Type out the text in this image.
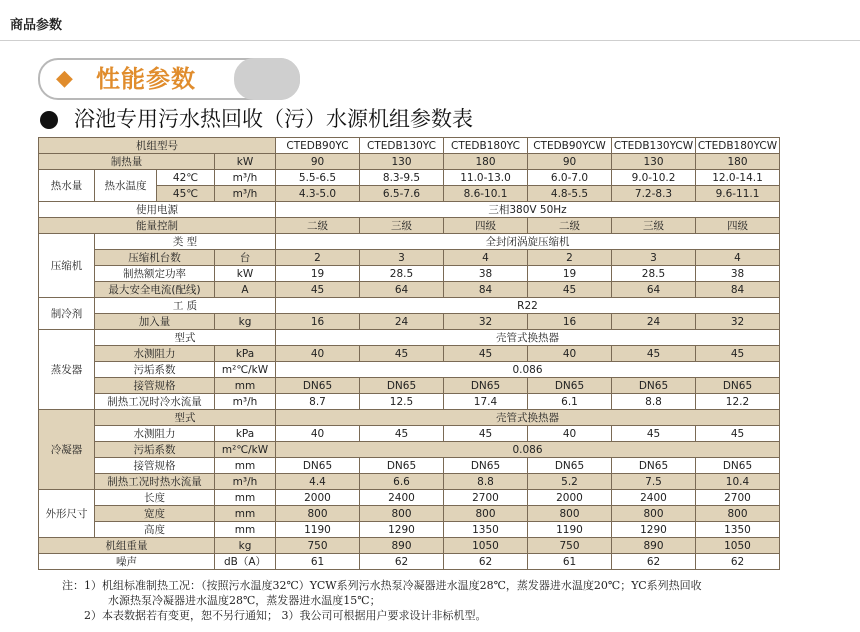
商品参数
◆ 性能参数
浴池专用污水热回收（污）水源机组参数表
机组型号				CTEDB90YC	CTEDB130YC	CTEDB180YC	CTEDB90YCW	CTEDB130YCW	CTEDB180YCW
制热量			kW	90	130	180	90	130	180
热水量	热水温度	42℃	m³/h	5.5-6.5	8.3-9.5	11.0-13.0	6.0-7.0	9.0-10.2	12.0-14.1
		45℃	m³/h	4.3-5.0	6.5-7.6	8.6-10.1	4.8-5.5	7.2-8.3	9.6-11.1
使用电源				三相380V 50Hz					
能量控制				二级	三级	四级	二级	三级	四级
压缩机	类 型			全封闭涡旋压缩机					
	压缩机台数		台	2	3	4	2	3	4
	制热额定功率		kW	19	28.5	38	19	28.5	38
	最大安全电流(配线)		A	45	64	84	45	64	84
制冷剂	工 质			R22					
	加入量		kg	16	24	32	16	24	32
蒸发器	型式			壳管式换热器					
	水测阻力		kPa	40	45	45	40	45	45
	污垢系数		m²℃/kW	0.086					
	接管规格		mm	DN65	DN65	DN65	DN65	DN65	DN65
	制热工况时冷水流量		m³/h	8.7	12.5	17.4	6.1	8.8	12.2
冷凝器	型式			壳管式换热器					
	水测阻力		kPa	40	45	45	40	45	45
	污垢系数		m²℃/kW	0.086					
	接管规格		mm	DN65	DN65	DN65	DN65	DN65	DN65
	制热工况时热水流量		m³/h	4.4	6.6	8.8	5.2	7.5	10.4
外形尺寸	长度		mm	2000	2400	2700	2000	2400	2700
	宽度		mm	800	800	800	800	800	800
	高度		mm	1190	1290	1350	1190	1290	1350
机组重量			kg	750	890	1050	750	890	1050
噪声			dB（A）	61	62	62	61	62	62
注：1）机组标准制热工况：（按照污水温度32℃）YCW系列污水热泵冷凝器进水温度28℃，蒸发器进水温度20℃；YC系列热回收
水源热泵冷凝器进水温度28℃，蒸发器进水温度15℃；
2）本表数据若有变更，恕不另行通知； 3）我公司可根据用户要求设计非标机型。
